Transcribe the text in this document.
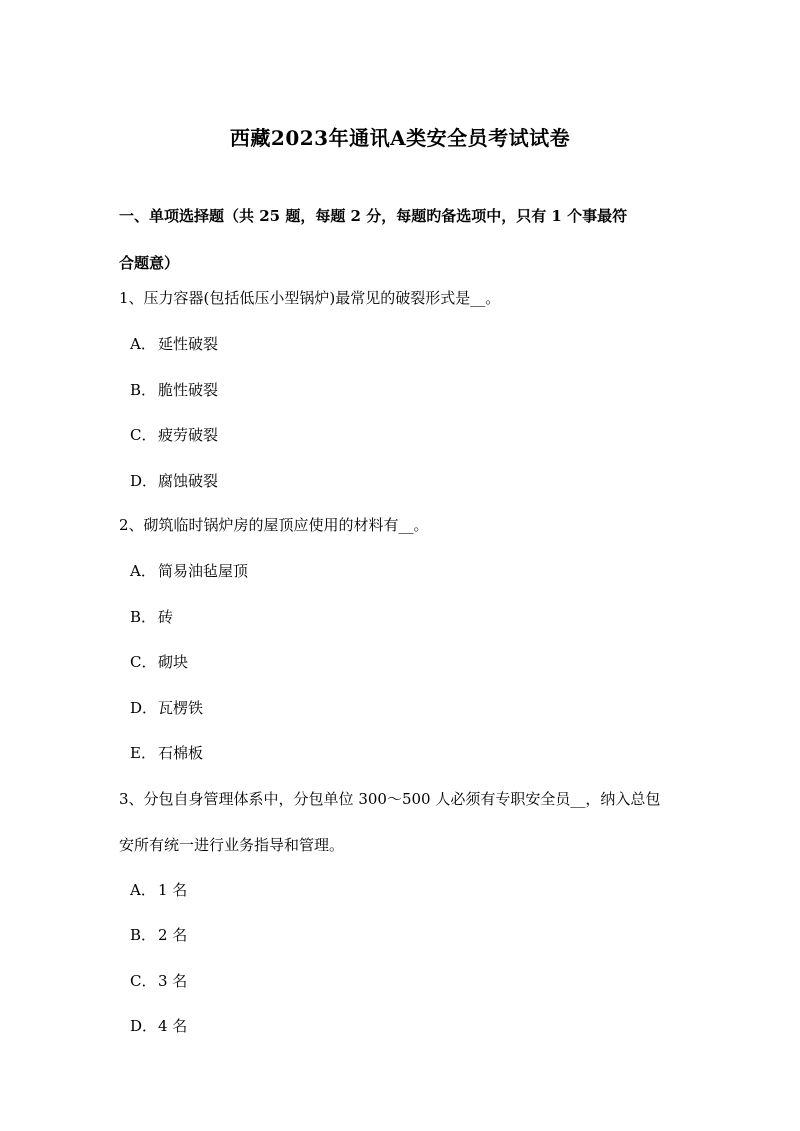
西藏2023年通讯A类安全员考试试卷
一、单项选择题（共 25 题，每题 2 分，每题旳备选项中，只有 1 个事最符
合题意）
1、压力容器(包括低压小型锅炉)最常见的破裂形式是__。
A． 延性破裂
B． 脆性破裂
C． 疲劳破裂
D．腐蚀破裂
2、砌筑临时锅炉房的屋顶应使用的材料有__。
A． 简易油毡屋顶
B． 砖
C． 砌块
D．瓦楞铁
E． 石棉板
3、分包自身管理体系中，分包单位 300～500 人必须有专职安全员__，纳入总包
安所有统一进行业务指导和管理。
A． 1 名
B． 2 名
C． 3 名
D．4 名
